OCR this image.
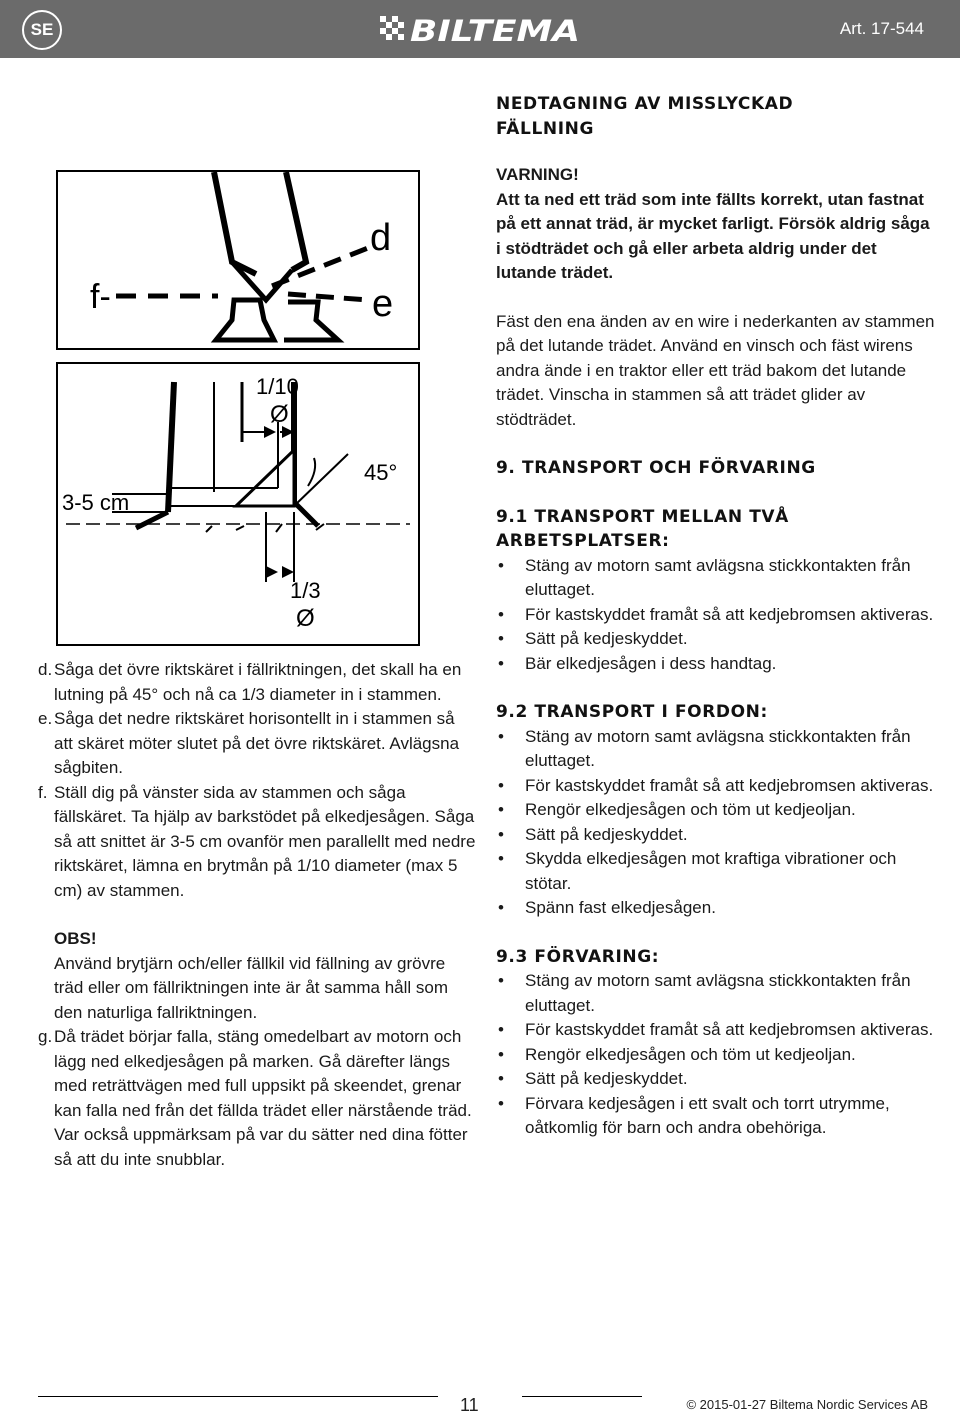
SE	BILTEMA	Art. 17-544
d
e
f-
1/10
Ø
45°
3-5 cm
1/3
Ø
d. Såga det övre riktskäret i fällriktningen, det skall ha en lutning på 45° och nå ca 1/3 diameter in i stammen.
e. Såga det nedre riktskäret horisontellt in i stammen så att skäret möter slutet på det övre riktskäret. Avlägsna sågbiten.
f. Ställ dig på vänster sida av stammen och såga fällskäret. Ta hjälp av barkstödet på elkedjesågen. Såga så att snittet är 3-5 cm ovanför men parallellt med nedre riktskäret, lämna en brytmån på 1/10 diameter (max 5 cm) av stammen.
OBS!
Använd brytjärn och/eller fällkil vid fällning av grövre träd eller om fällriktningen inte är åt samma håll som den naturliga fallriktningen.
g. Då trädet börjar falla, stäng omedelbart av motorn och lägg ned elkedjesågen på marken. Gå därefter längs med reträttvägen med full uppsikt på skeendet, grenar kan falla ned från det fällda trädet eller närstående träd. Var också uppmärksam på var du sätter ned dina fötter så att du inte snubblar.
NEDTAGNING AV MISSLYCKAD FÄLLNING
VARNING!
Att ta ned ett träd som inte fällts korrekt, utan fastnat på ett annat träd, är mycket farligt. Försök aldrig såga i stödträdet och gå eller arbeta aldrig under det lutande trädet.
Fäst den ena änden av en wire i nederkanten av stammen på det lutande trädet. Använd en vinsch och fäst wirens andra ände i en traktor eller ett träd bakom det lutande trädet. Vinscha in stammen så att trädet glider av stödträdet.
9. TRANSPORT OCH FÖRVARING
9.1 TRANSPORT MELLAN TVÅ ARBETSPLATSER:
• Stäng av motorn samt avlägsna stickkontakten från eluttaget.
• För kastskyddet framåt så att kedjebromsen aktiveras.
• Sätt på kedjeskyddet.
• Bär elkedjesågen i dess handtag.
9.2 TRANSPORT I FORDON:
• Stäng av motorn samt avlägsna stickkontakten från eluttaget.
• För kastskyddet framåt så att kedjebromsen aktiveras.
• Rengör elkedjesågen och töm ut kedjeoljan.
• Sätt på kedjeskyddet.
• Skydda elkedjesågen mot kraftiga vibrationer och stötar.
• Spänn fast elkedjesågen.
9.3 FÖRVARING:
• Stäng av motorn samt avlägsna stickkontakten från eluttaget.
• För kastskyddet framåt så att kedjebromsen aktiveras.
• Rengör elkedjesågen och töm ut kedjeoljan.
• Sätt på kedjeskyddet.
• Förvara kedjesågen i ett svalt och torrt utrymme, oåtkomlig för barn och andra obehöriga.
11	© 2015-01-27 Biltema Nordic Services AB
